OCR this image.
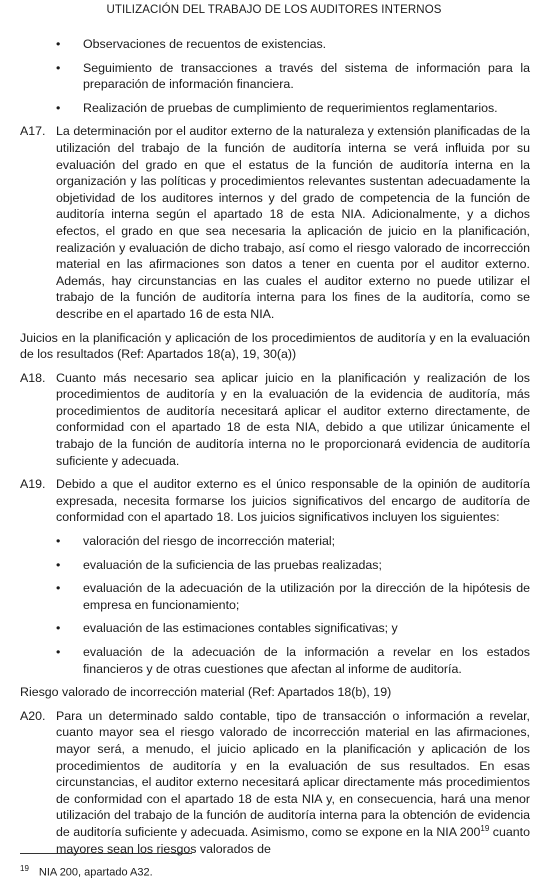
UTILIZACIÓN DEL TRABAJO DE LOS AUDITORES INTERNOS
• Observaciones de recuentos de existencias.
• Seguimiento de transacciones a través del sistema de información para la preparación de información financiera.
• Realización de pruebas de cumplimiento de requerimientos reglamentarios.
A17. La determinación por el auditor externo de la naturaleza y extensión planificadas de la utilización del trabajo de la función de auditoría interna se verá influida por su evaluación del grado en que el estatus de la función de auditoría interna en la organización y las políticas y procedimientos relevantes sustentan adecuadamente la objetividad de los auditores internos y del grado de competencia de la función de auditoría interna según el apartado 18 de esta NIA. Adicionalmente, y a dichos efectos, el grado en que sea necesaria la aplicación de juicio en la planificación, realización y evaluación de dicho trabajo, así como el riesgo valorado de incorrección material en las afirmaciones son datos a tener en cuenta por el auditor externo. Además, hay circunstancias en las cuales el auditor externo no puede utilizar el trabajo de la función de auditoría interna para los fines de la auditoría, como se describe en el apartado 16 de esta NIA.
Juicios en la planificación y aplicación de los procedimientos de auditoría y en la evaluación de los resultados (Ref: Apartados 18(a), 19, 30(a))
A18. Cuanto más necesario sea aplicar juicio en la planificación y realización de los procedimientos de auditoría y en la evaluación de la evidencia de auditoría, más procedimientos de auditoría necesitará aplicar el auditor externo directamente, de conformidad con el apartado 18 de esta NIA, debido a que utilizar únicamente el trabajo de la función de auditoría interna no le proporcionará evidencia de auditoría suficiente y adecuada.
A19. Debido a que el auditor externo es el único responsable de la opinión de auditoría expresada, necesita formarse los juicios significativos del encargo de auditoría de conformidad con el apartado 18. Los juicios significativos incluyen los siguientes:
• valoración del riesgo de incorrección material;
• evaluación de la suficiencia de las pruebas realizadas;
• evaluación de la adecuación de la utilización por la dirección de la hipótesis de empresa en funcionamiento;
• evaluación de las estimaciones contables significativas; y
• evaluación de la adecuación de la información a revelar en los estados financieros y de otras cuestiones que afectan al informe de auditoría.
Riesgo valorado de incorrección material (Ref: Apartados 18(b), 19)
A20. Para un determinado saldo contable, tipo de transacción o información a revelar, cuanto mayor sea el riesgo valorado de incorrección material en las afirmaciones, mayor será, a menudo, el juicio aplicado en la planificación y aplicación de los procedimientos de auditoría y en la evaluación de sus resultados. En esas circunstancias, el auditor externo necesitará aplicar directamente más procedimientos de conformidad con el apartado 18 de esta NIA y, en consecuencia, hará una menor utilización del trabajo de la función de auditoría interna para la obtención de evidencia de auditoría suficiente y adecuada. Asimismo, como se expone en la NIA $200^{19}$ cuanto mayores sean los riesgos valorados de
$^{19}$ NIA 200, apartado A32.
